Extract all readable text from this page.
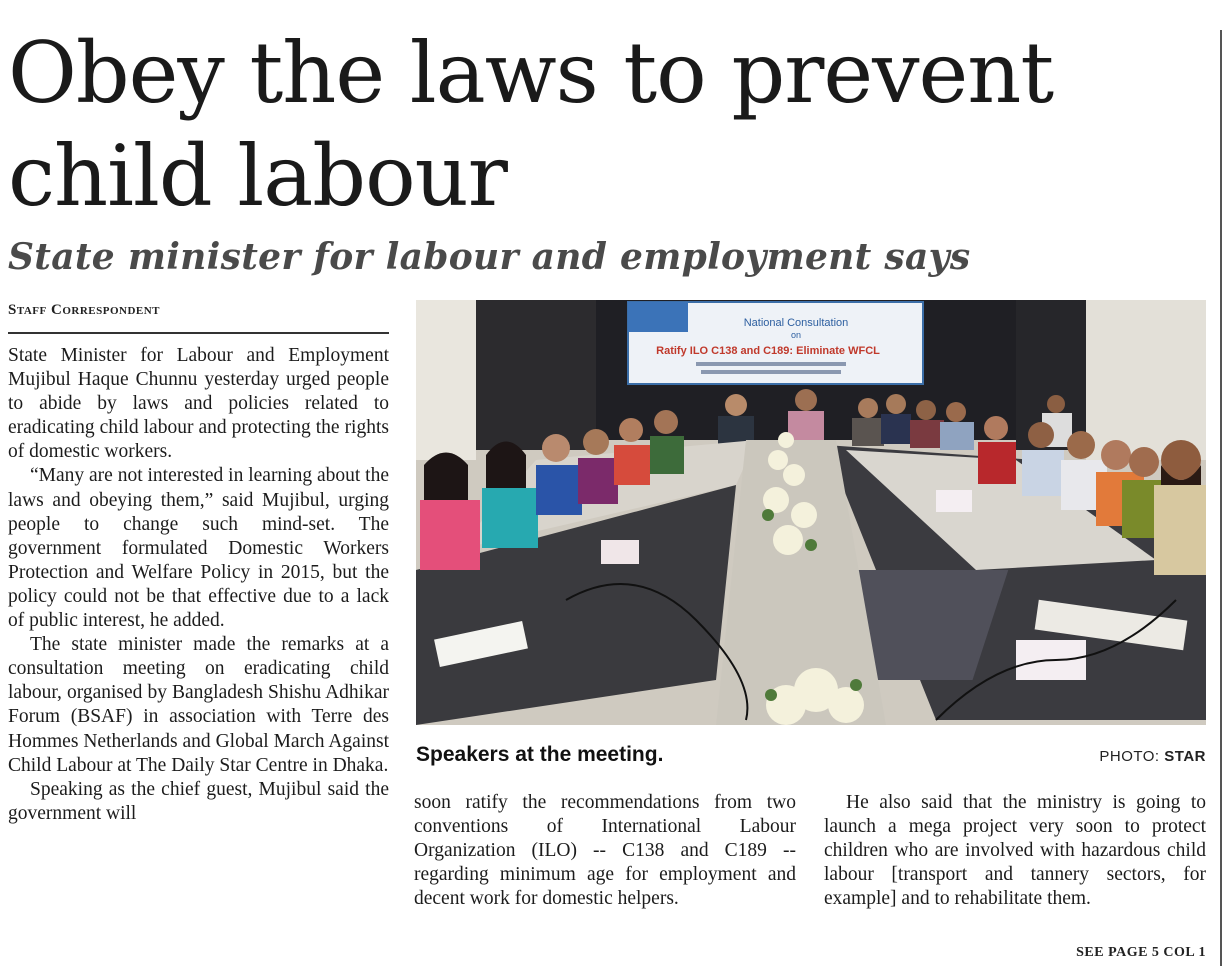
Obey the laws to prevent child labour
State minister for labour and employment says
Staff Correspondent

State Minister for Labour and Employment Mujibul Haque Chunnu yesterday urged people to abide by laws and policies related to eradicating child labour and protecting the rights of domestic workers.

“Many are not interested in learning about the laws and obeying them,” said Mujibul, urging people to change such mind-set. The government formulated Domestic Workers Protection and Welfare Policy in 2015, but the policy could not be that effective due to a lack of public interest, he added.

The state minister made the remarks at a consultation meeting on eradicating child labour, organised by Bangladesh Shishu Adhikar Forum (BSAF) in association with Terre des Hommes Netherlands and Global March Against Child Labour at The Daily Star Centre in Dhaka.

Speaking as the chief guest, Mujibul said the government will

National Consultation
on
Ratify ILO C138 and C189: Eliminate WFCL
Speakers at the meeting.	PHOTO: STAR

soon ratify the recommendations from two conventions of International Labour Organization (ILO) -- C138 and C189 -- regarding minimum age for employment and decent work for domestic helpers.

He also said that the ministry is going to launch a mega project very soon to protect children who are involved with hazardous child labour [transport and tannery sectors, for example] and to rehabilitate them.

SEE PAGE 5 COL 1
